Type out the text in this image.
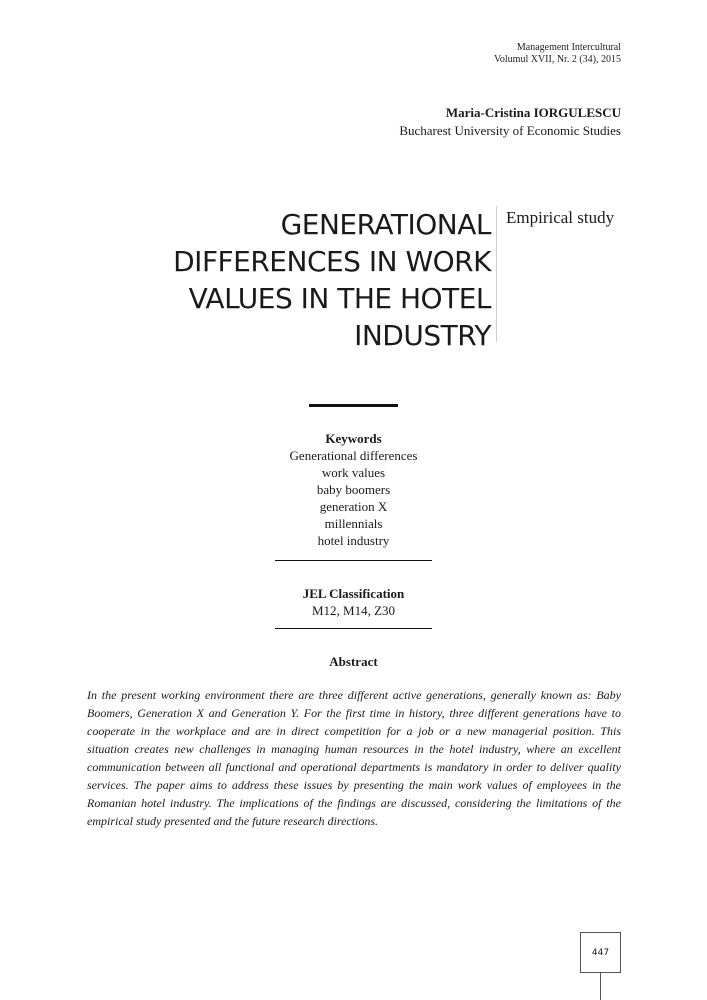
Management Intercultural
Volumul XVII, Nr. 2 (34), 2015
Maria-Cristina IORGULESCU
Bucharest University of Economic Studies
GENERATIONAL DIFFERENCES IN WORK VALUES IN THE HOTEL INDUSTRY
Empirical study
Keywords
Generational differences
work values
baby boomers
generation X
millennials
hotel industry
JEL Classification
M12, M14, Z30
Abstract

In the present working environment there are three different active generations, generally known as: Baby Boomers, Generation X and Generation Y. For the first time in history, three different generations have to cooperate in the workplace and are in direct competition for a job or a new managerial position. This situation creates new challenges in managing human resources in the hotel industry, where an excellent communication between all functional and operational departments is mandatory in order to deliver quality services. The paper aims to address these issues by presenting the main work values of employees in the Romanian hotel industry. The implications of the findings are discussed, considering the limitations of the empirical study presented and the future research directions.

447
